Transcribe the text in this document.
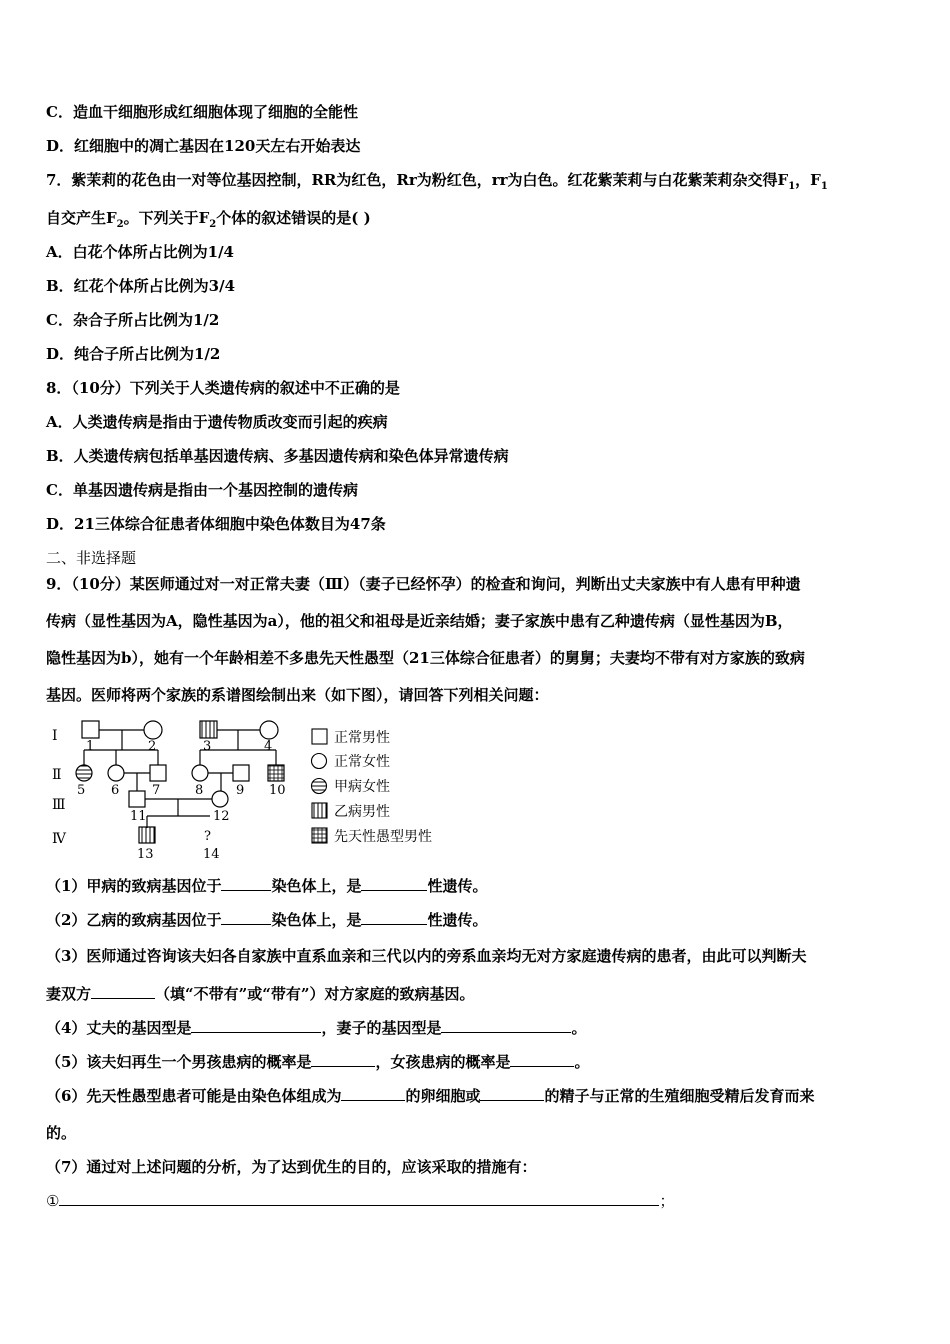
C．造血干细胞形成红细胞体现了细胞的全能性
D．红细胞中的凋亡基因在120天左右开始表达
7．紫茉莉的花色由一对等位基因控制，RR为红色，Rr为粉红色，rr为白色。红花紫茉莉与白花紫茉莉杂交得$F_1$，$F_1$
自交产生$F_2$。下列关于$F_2$个体的叙述错误的是( )
A．白花个体所占比例为1/4
B．红花个体所占比例为3/4
C．杂合子所占比例为1/2
D．纯合子所占比例为1/2
8．（10分）下列关于人类遗传病的叙述中不正确的是
A．人类遗传病是指由于遗传物质改变而引起的疾病
B．人类遗传病包括单基因遗传病、多基因遗传病和染色体异常遗传病
C．单基因遗传病是指由一个基因控制的遗传病
D．21三体综合征患者体细胞中染色体数目为47条
二、非选择题
9．（10分）某医师通过对一对正常夫妻（Ⅲ）（妻子已经怀孕）的检查和询问，判断出丈夫家族中有人患有甲种遗
传病（显性基因为A，隐性基因为a），他的祖父和祖母是近亲结婚；妻子家族中患有乙种遗传病（显性基因为B，
隐性基因为b），她有一个年龄相差不多患先天性愚型（21三体综合征患者）的舅舅；夫妻均不带有对方家族的致病
基因。医师将两个家族的系谱图绘制出来（如下图），请回答下列相关问题：
Ⅰ
Ⅱ
Ⅲ
Ⅳ
1	2	3	4
5 6	7	8	9 10
11	12
13
?
14
正常男性
正常女性
甲病女性
乙病男性
先天性愚型男性
（1）甲病的致病基因位于	染色体上，是	性遗传。
（2）乙病的致病基因位于	染色体上，是	性遗传。
（3）医师通过咨询该夫妇各自家族中直系血亲和三代以内的旁系血亲均无对方家庭遗传病的患者，由此可以判断夫
妻双方	（填“不带有”或“带有”）对方家庭的致病基因。
（4）丈夫的基因型是	，妻子的基因型是	。
（5）该夫妇再生一个男孩患病的概率是	，女孩患病的概率是	。
（6）先天性愚型患者可能是由染色体组成为	的卵细胞或	的精子与正常的生殖细胞受精后发育而来
的。
（7）通过对上述问题的分析，为了达到优生的目的，应该采取的措施有：
①	；
